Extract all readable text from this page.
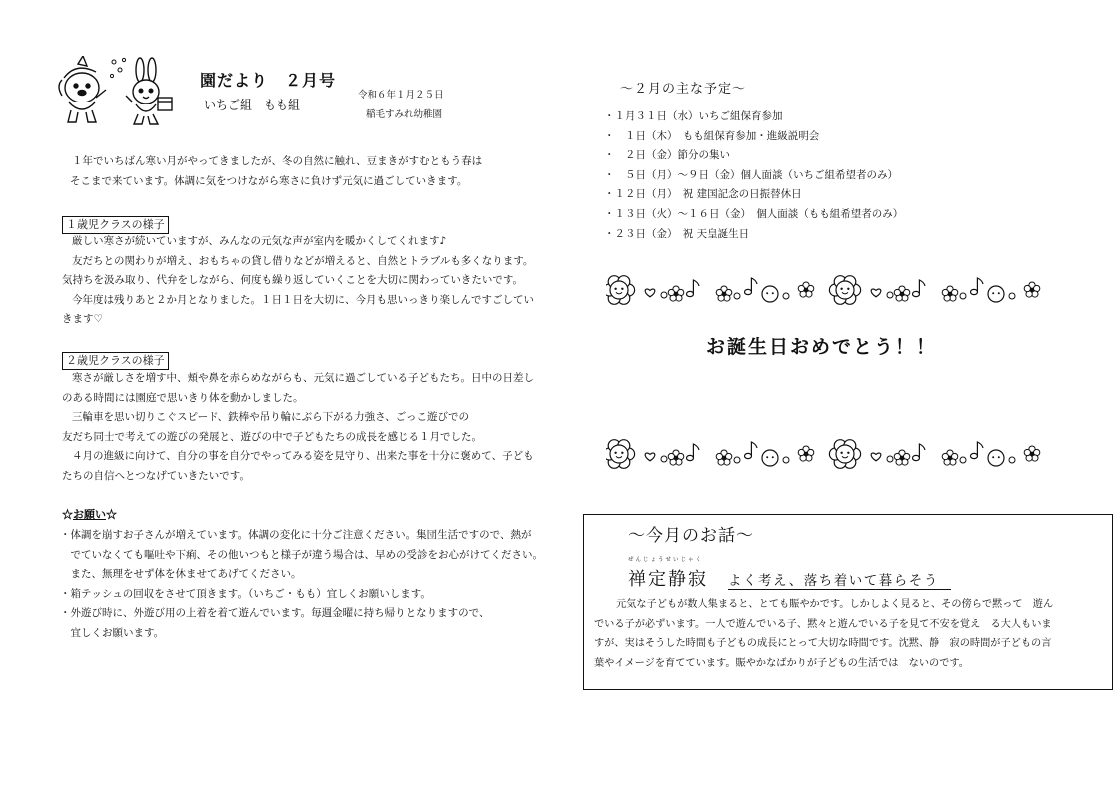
園だより　２月号
いちご組　もも組
令和６年１月２５日
稲毛すみれ幼稚園

１年でいちばん寒い月がやってきましたが、冬の自然に触れ、豆まきがすむともう春は

そこまで来ています。体調に気をつけながら寒さに負けず元気に過ごしていきます。

１歳児クラスの様子

厳しい寒さが続いていますが、みんなの元気な声が室内を暖かくしてくれます♪

友だちとの関わりが増え、おもちゃの貸し借りなどが増えると、自然とトラブルも多くなります。

気持ちを汲み取り、代弁をしながら、何度も繰り返していくことを大切に関わっていきたいです。

今年度は残りあと２か月となりました。１日１日を大切に、今月も思いっきり楽しんですごしてい

きます♡

２歳児クラスの様子

寒さが厳しさを増す中、頬や鼻を赤らめながらも、元気に過ごしている子どもたち。日中の日差し

のある時間には園庭で思いきり体を動かしました。

三輪車を思い切りこぐスピード、鉄棒や吊り輪にぶら下がる力強さ、ごっこ遊びでの

友だち同士で考えての遊びの発展と、遊びの中で子どもたちの成長を感じる１月でした。

４月の進級に向けて、自分の事を自分でやってみる姿を見守り、出来た事を十分に褒めて、子ども

たちの自信へとつなげていきたいです。

☆お願い☆

・体調を崩すお子さんが増えています。体調の変化に十分ご注意ください。集団生活ですので、熱が

　でていなくても嘔吐や下痢、その他いつもと様子が違う場合は、早めの受診をお心がけてください。

　また、無理をせず体を休ませてあげてください。

・箱テッシュの回収をさせて頂きます。（いちご・もも）宜しくお願いします。

・外遊び時に、外遊び用の上着を着て遊んでいます。毎週金曜に持ち帰りとなりますので、

　宜しくお願います。

～２月の主な予定～

・１月３１日（水）いちご組保育参加

・　１日（木）　もも組保育参加・進級説明会

・　２日（金）節分の集い

・　５日（月）～９日（金）個人面談（いちご組希望者のみ）

・１２日（月）　祝 建国記念の日振替休日

・１３日（火）～１６日（金）　個人面談（もも組希望者のみ）

・２３日（金）　祝 天皇誕生日

お誕生日おめでとう！！
～今月のお話～
ぜんじょうせいじゃく
禅定静寂 よく考え、落ち着いて暮らそう

元気な子どもが数人集まると、とても賑やかです。しかしよく見ると、その傍らで黙って　遊ん

でいる子が必ずいます。一人で遊んでいる子、黙々と遊んでいる子を見て不安を覚え　る大人もいま

すが、実はそうした時間も子どもの成長にとって大切な時間です。沈黙、静　寂の時間が子どもの言

葉やイメージを育てています。賑やかなばかりが子どもの生活では　ないのです。
